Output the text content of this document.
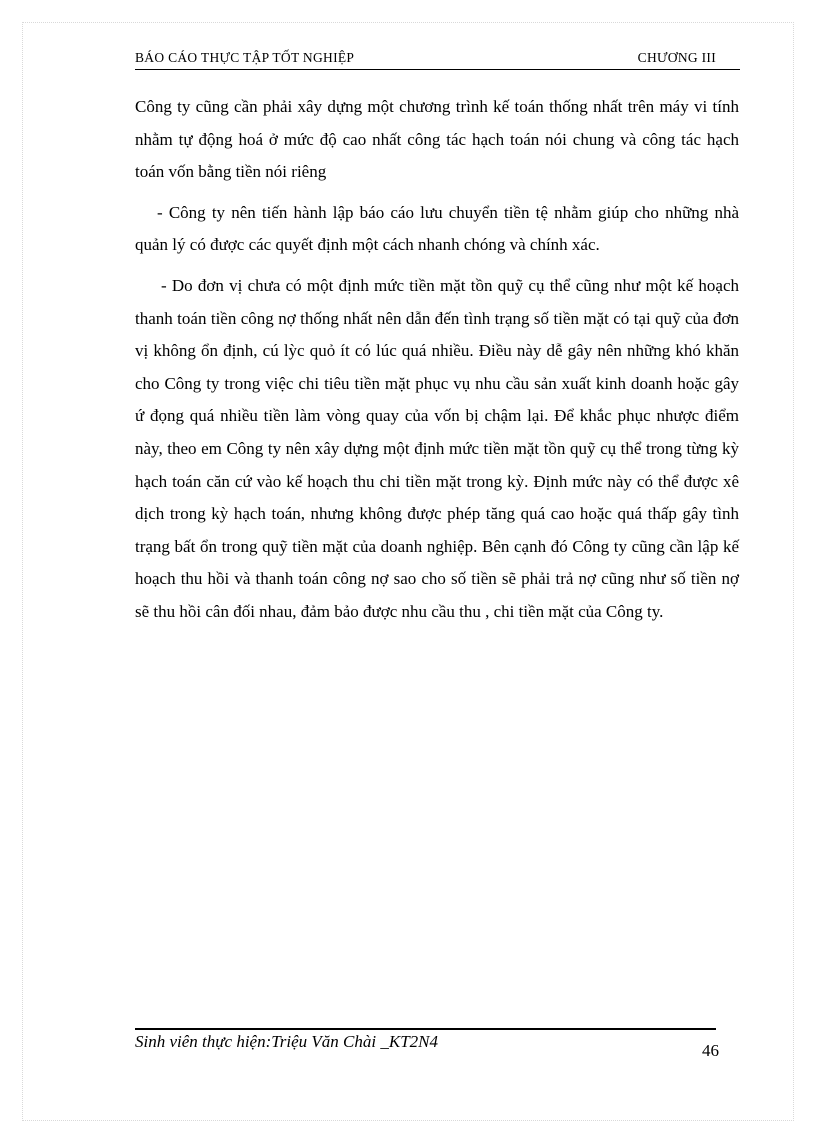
BÁO CÁO THỰC TẬP TỐT NGHIỆP	CHƯƠNG III

Công ty cũng cần phải xây dựng một chương trình kế toán thống nhất trên máy vi tính nhằm tự động hoá ở mức độ cao nhất công tác hạch toán nói chung và công tác hạch toán vốn bằng tiền nói riêng

- Công ty nên tiến hành lập báo cáo lưu chuyển tiền tệ nhằm giúp cho những nhà quản lý có được các quyết định một cách nhanh chóng và chính xác.

- Do đơn vị chưa có một định mức tiền mặt tồn quỹ cụ thể cũng như một kế hoạch thanh toán tiền công nợ thống nhất nên dẫn đến tình trạng số tiền mặt có tại quỹ của đơn vị không ổn định, cú lỳc quỏ ít có lúc quá nhiều. Điều này dễ gây nên những khó khăn cho Công ty trong việc chi tiêu tiền mặt phục vụ nhu cầu sản xuất kinh doanh hoặc gây ứ đọng quá nhiều tiền làm vòng quay của vốn bị chậm lại. Để khắc phục nhược điểm này, theo em Công ty nên xây dựng một định mức tiền mặt tồn quỹ cụ thể trong từng kỳ hạch toán căn cứ vào kế hoạch thu chi tiền mặt trong kỳ. Định mức này có thể được xê dịch trong kỳ hạch toán, nhưng không được phép tăng quá cao hoặc quá thấp gây tình trạng bất ổn trong quỹ tiền mặt của doanh nghiệp. Bên cạnh đó Công ty cũng cần lập kế hoạch thu hồi và thanh toán công nợ sao cho số tiền sẽ phải trả nợ cũng như số tiền nợ sẽ thu hồi cân đối nhau, đảm bảo được nhu cầu thu , chi tiền mặt của Công ty.

Sinh viên thực hiện:Triệu Văn Chài _KT2N4	46
